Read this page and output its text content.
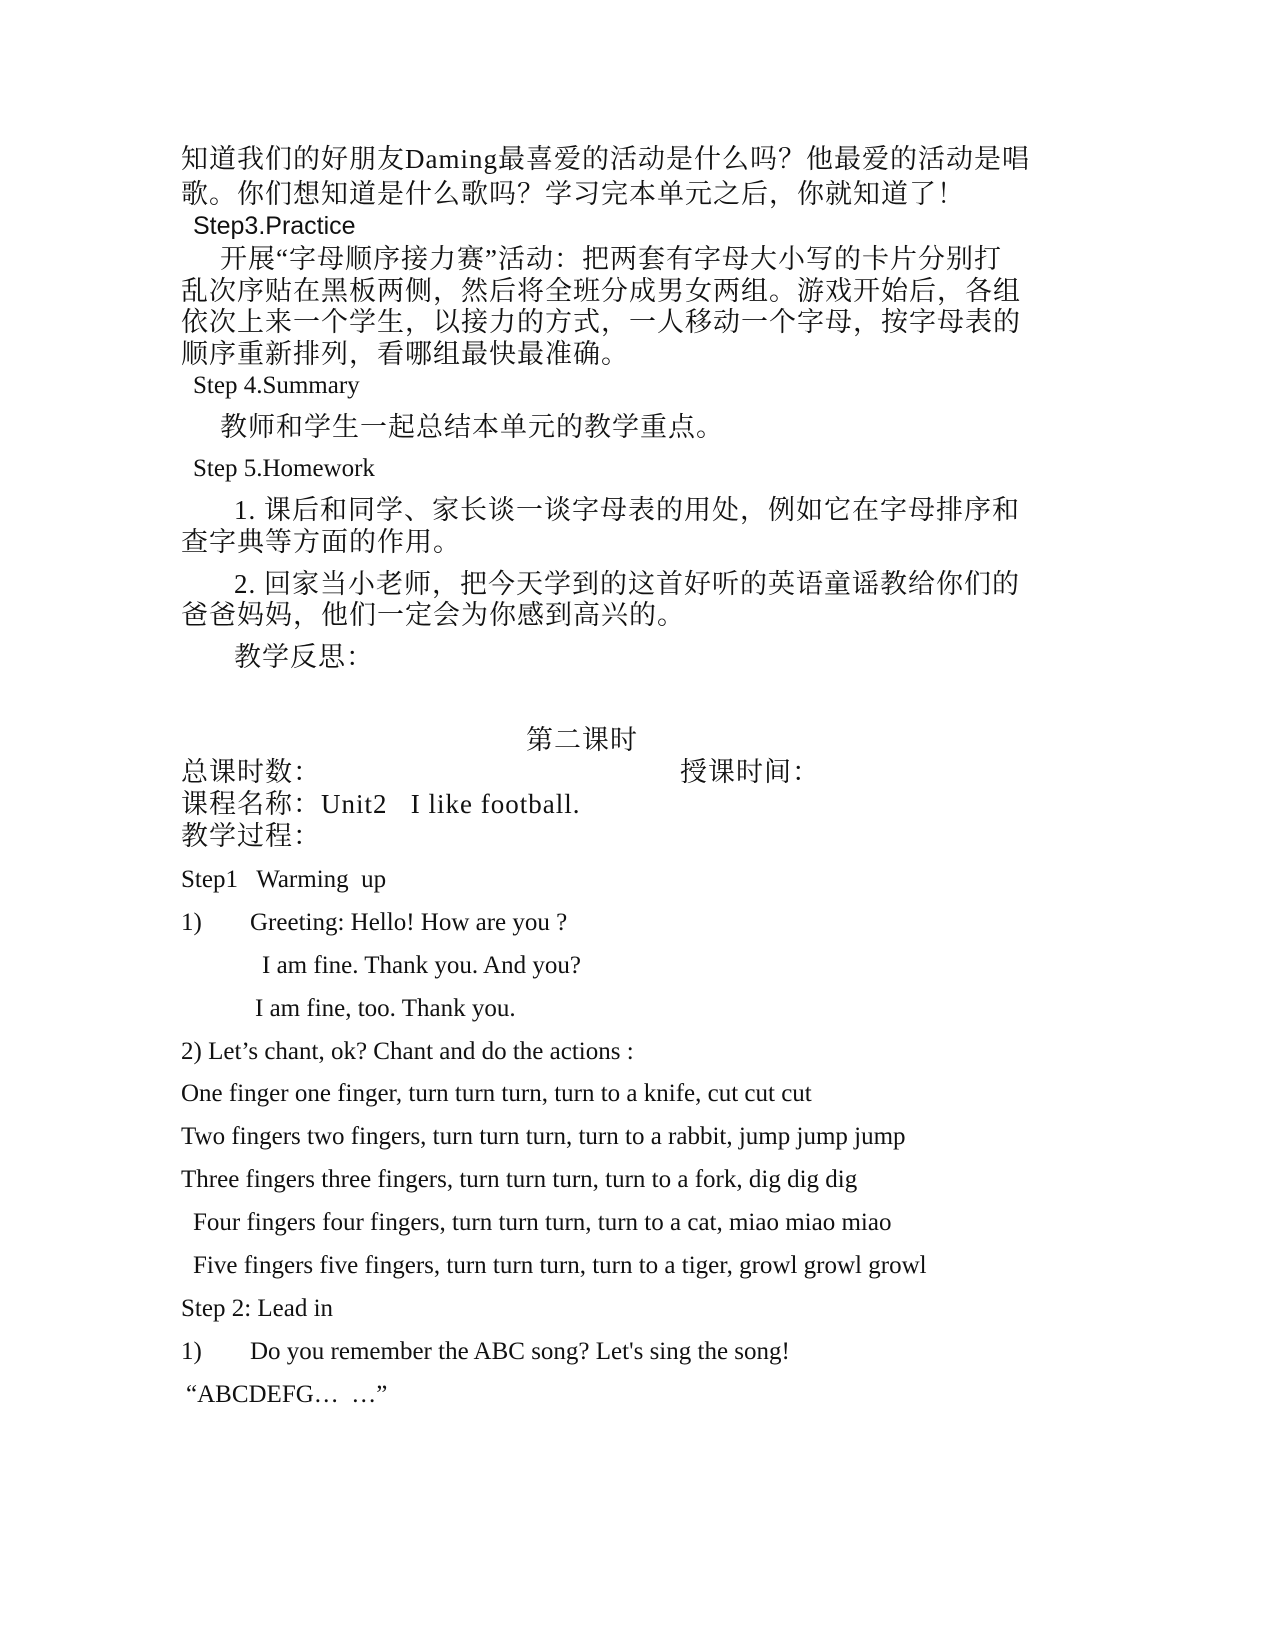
知道我们的好朋友Daming最喜爱的活动是什么吗？他最爱的活动是唱
歌。你们想知道是什么歌吗？学习完本单元之后，你就知道了！
Step3.Practice
开展“字母顺序接力赛”活动：把两套有字母大小写的卡片分别打
乱次序贴在黑板两侧，然后将全班分成男女两组。游戏开始后，各组
依次上来一个学生，以接力的方式，一人移动一个字母，按字母表的
顺序重新排列，看哪组最快最准确。
Step 4.Summary
教师和学生一起总结本单元的教学重点。
Step 5.Homework
1. 课后和同学、家长谈一谈字母表的用处，例如它在字母排序和
查字典等方面的作用。
2. 回家当小老师，把今天学到的这首好听的英语童谣教给你们的
爸爸妈妈，他们一定会为你感到高兴的。
教学反思：
第二课时
总课时数：	授课时间：
课程名称：Unit2   I like football.
教学过程：
Step1   Warming  up
1) Greeting: Hello! How are you ?
I am fine. Thank you. And you?
I am fine, too. Thank you.
2) Let’s chant, ok? Chant and do the actions :
One finger one finger, turn turn turn, turn to a knife, cut cut cut
Two fingers two fingers, turn turn turn, turn to a rabbit, jump jump jump
Three fingers three fingers, turn turn turn, turn to a fork, dig dig dig
Four fingers four fingers, turn turn turn, turn to a cat, miao miao miao
Five fingers five fingers, turn turn turn, turn to a tiger, growl growl growl
Step 2: Lead in
1) Do you remember the ABC song? Let's sing the song!
“ABCDEFG…  …”
